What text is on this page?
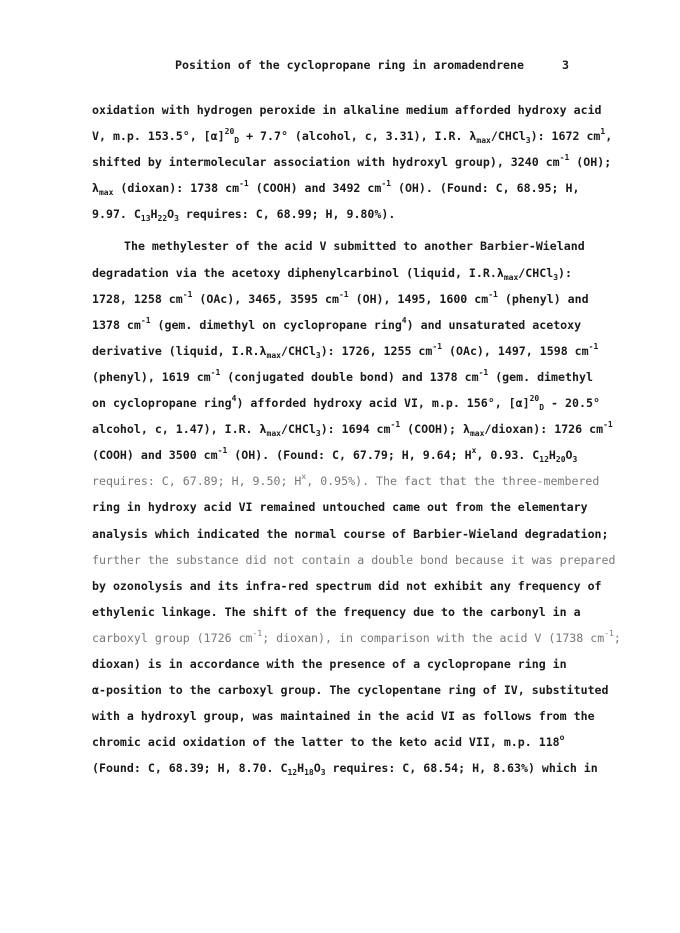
Position of the cyclopropane ring in aromadendrene	3
oxidation with hydrogen peroxide in alkaline medium afforded hydroxy acid
V, m.p. 153.5°, $[\alpha]^{20}_D + 7.7^\circ$ (alcohol, c, 3.31), I.R. $\lambda_{max}/CHCl_3$): 1672 $cm^1$,
shifted by intermolecular association with hydroxyl group), 3240 $cm^{-1}$ (OH);
$\lambda_{max}$ (dioxan): 1738 $cm^{-1}$ (COOH) and 3492 $cm^{-1}$ (OH). (Found: C, 68.95; H,
9.97. $C_{13}H_{22}O_3$ requires: C, 68.99; H, 9.80%).
The methylester of the acid V submitted to another Barbier-Wieland
degradation via the acetoxy diphenylcarbinol (liquid, $I.R.\lambda_{max}/CHCl_3$):
1728, 1258 $cm^{-1}$ (OAc), 3465, 3595 $cm^{-1}$ (OH), 1495, 1600 $cm^{-1}$ (phenyl) and
1378 $cm^{-1}$ (gem. dimethyl on cyclopropane ring$^4$) and unsaturated acetoxy
derivative (liquid, $I.R.\lambda_{max}/CHCl_3$): 1726, 1255 $cm^{-1}$ (OAc), 1497, 1598 $cm^{-1}$
(phenyl), 1619 $cm^{-1}$ (conjugated double bond) and 1378 $cm^{-1}$ (gem. dimethyl
on cyclopropane ring$^4$) afforded hydroxy acid VI, m.p. 156°, $[\alpha]^{20}_D - 20.5^\circ$
alcohol, c, 1.47), I.R. $\lambda_{max}/CHCl_3$): 1694 $cm^{-1}$ (COOH); $\lambda_{max}/dioxan$): 1726 $cm^{-1}$
(COOH) and 3500 $cm^{-1}$ (OH). (Found: C, 67.79; H, 9.64; $H^x$, 0.93. $C_{12}H_{20}O_3$
requires: C, 67.89; H, 9.50; $H^x$, 0.95%). The fact that the three-membered
ring in hydroxy acid VI remained untouched came out from the elementary
analysis which indicated the normal course of Barbier-Wieland degradation;
further the substance did not contain a double bond because it was prepared
by ozonolysis and its infra-red spectrum did not exhibit any frequency of
ethylenic linkage. The shift of the frequency due to the carbonyl in a
carboxyl group (1726 $cm^{-1}$; dioxan), in comparison with the acid V (1738 $cm^{-1}$;
dioxan) is in accordance with the presence of a cyclopropane ring in
α-position to the carboxyl group. The cyclopentane ring of IV, substituted
with a hydroxyl group, was maintained in the acid VI as follows from the
chromic acid oxidation of the latter to the keto acid VII, m.p. 118$^o$
(Found: C, 68.39; H, 8.70. $C_{12}H_{18}O_3$ requires: C, 68.54; H, 8.63%) which in
